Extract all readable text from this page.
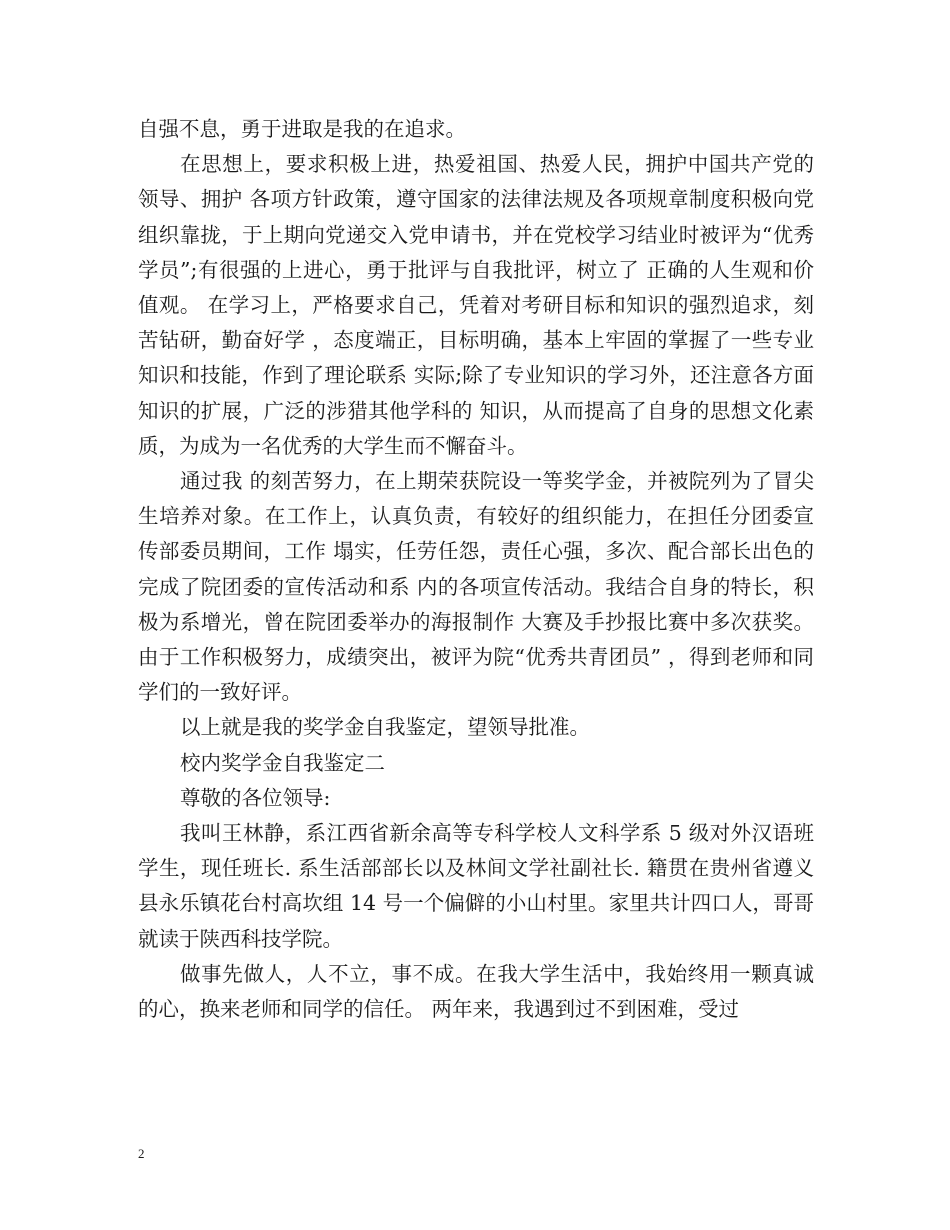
自强不息，勇于进取是我的在追求。

在思想上，要求积极上进，热爱祖国、热爱人民，拥护中国共产党的领导、拥护 各项方针政策，遵守国家的法律法规及各项规章制度积极向党组织靠拢，于上期向党递交入党申请书，并在党校学习结业时被评为“优秀学员”;有很强的上进心，勇于批评与自我批评，树立了 正确的人生观和价值观。 在学习上，严格要求自己，凭着对考研目标和知识的强烈追求，刻苦钻研，勤奋好学 ，态度端正，目标明确，基本上牢固的掌握了一些专业知识和技能，作到了理论联系 实际;除了专业知识的学习外，还注意各方面知识的扩展，广泛的涉猎其他学科的 知识，从而提高了自身的思想文化素质，为成为一名优秀的大学生而不懈奋斗。

通过我 的刻苦努力，在上期荣获院设一等奖学金，并被院列为了冒尖生培养对象。在工作上，认真负责，有较好的组织能力，在担任分团委宣传部委员期间，工作 塌实，任劳任怨，责任心强，多次、配合部长出色的完成了院团委的宣传活动和系 内的各项宣传活动。我结合自身的特长，积极为系增光，曾在院团委举办的海报制作 大赛及手抄报比赛中多次获奖。由于工作积极努力，成绩突出，被评为院“优秀共青团员” ，得到老师和同学们的一致好评。

以上就是我的奖学金自我鉴定，望领导批准。

校内奖学金自我鉴定二

尊敬的各位领导:

我叫王林静，系江西省新余高等专科学校人文科学系 5 级对外汉语班学生，现任班长. 系生活部部长以及林间文学社副社长. 籍贯在贵州省遵义县永乐镇花台村高坎组 14 号一个偏僻的小山村里。家里共计四口人，哥哥就读于陕西科技学院。

做事先做人，人不立，事不成。在我大学生活中，我始终用一颗真诚的心，换来老师和同学的信任。 两年来，我遇到过不到困难，受过

2
